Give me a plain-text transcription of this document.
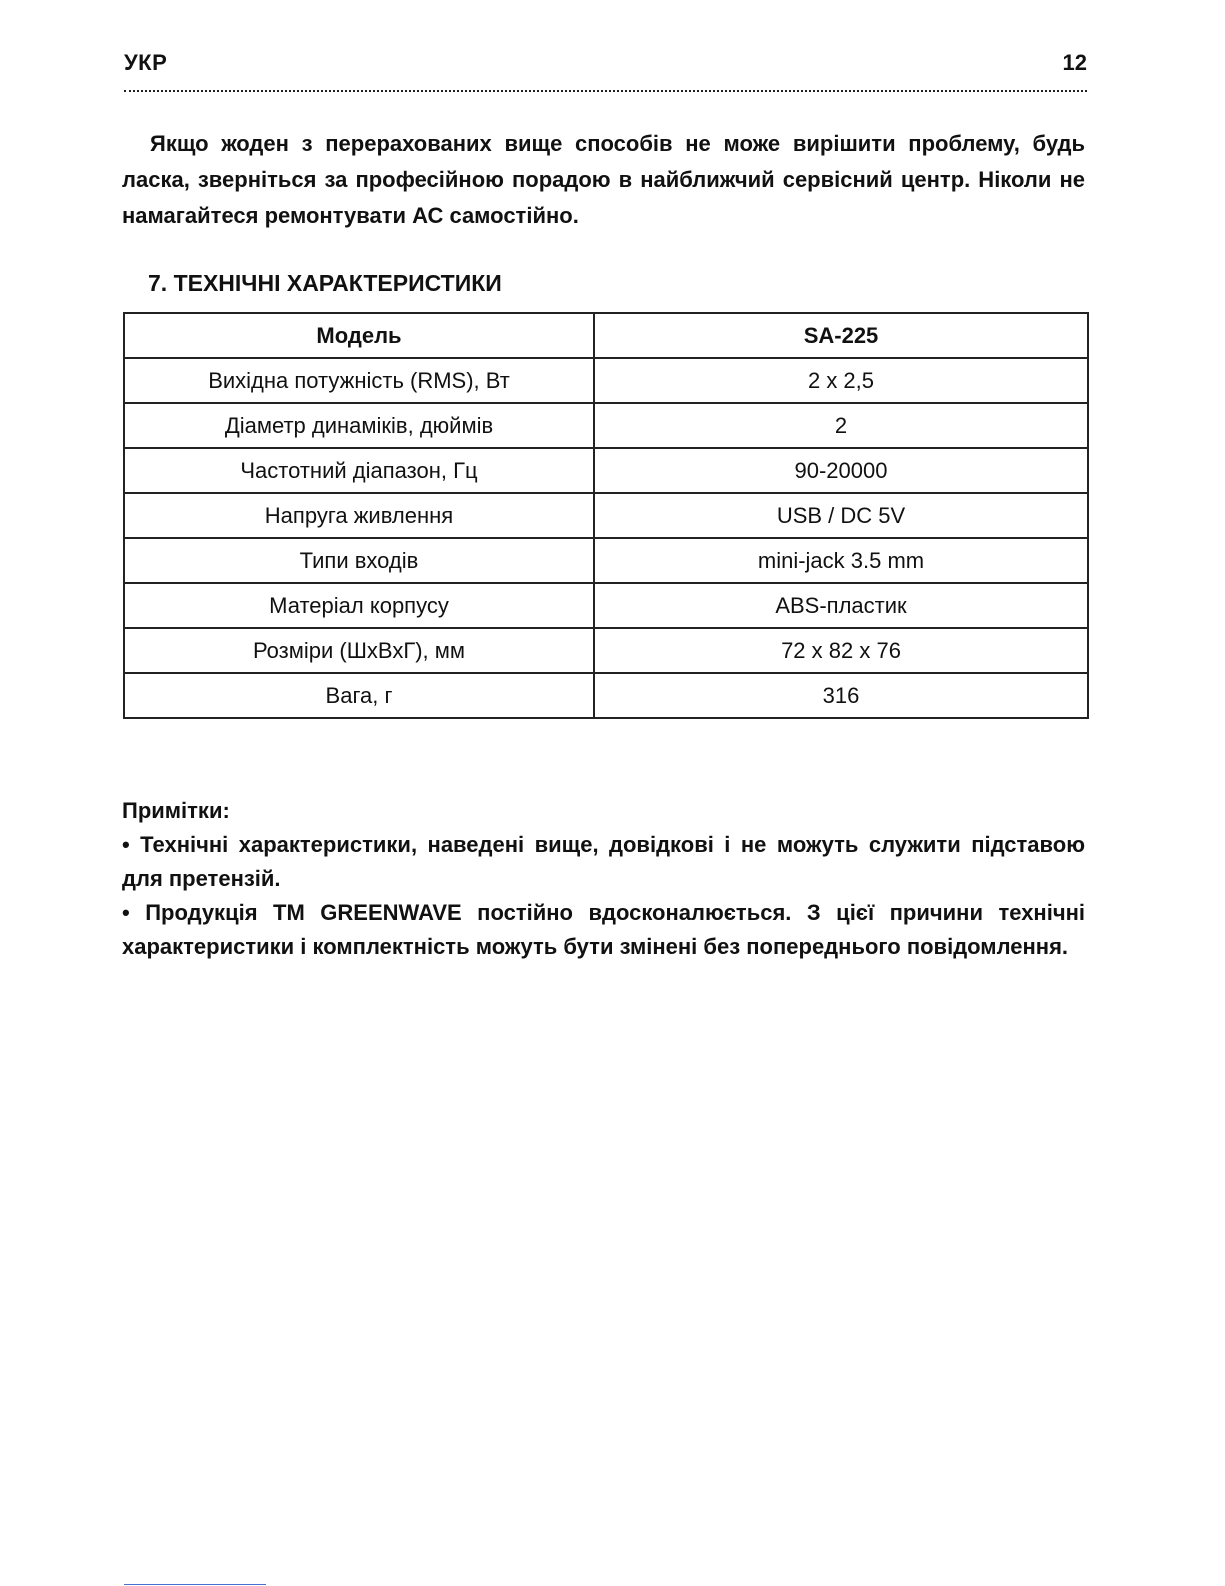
УКР	12

Якщо жоден з перерахованих вище способів не може вирішити проблему, будь ласка, зверніться за професійною порадою в найближчий сервісний центр. Ніколи не намагайтеся ремонтувати АС самостійно.

7. ТЕХНІЧНІ ХАРАКТЕРИСТИКИ
Модель	SA-225
Вихідна потужність (RMS), Вт	2 x 2,5
Діаметр динаміків, дюймів	2
Частотний діапазон, Гц	90-20000
Напруга живлення	USB / DC 5V
Типи входів	mini-jack 3.5 mm
Матеріал корпусу	ABS-пластик
Розміри (ШхВхГ), мм	72 x 82 x 76
Вага, г	316

Примітки:

• Технічні характеристики, наведені вище, довідкові і не можуть служити підставою для претензій.

• Продукція ТМ GREENWAVE постійно вдосконалюється. З цієї причини технічні характеристики і комплектність можуть бути змінені без попереднього повідомлення.
